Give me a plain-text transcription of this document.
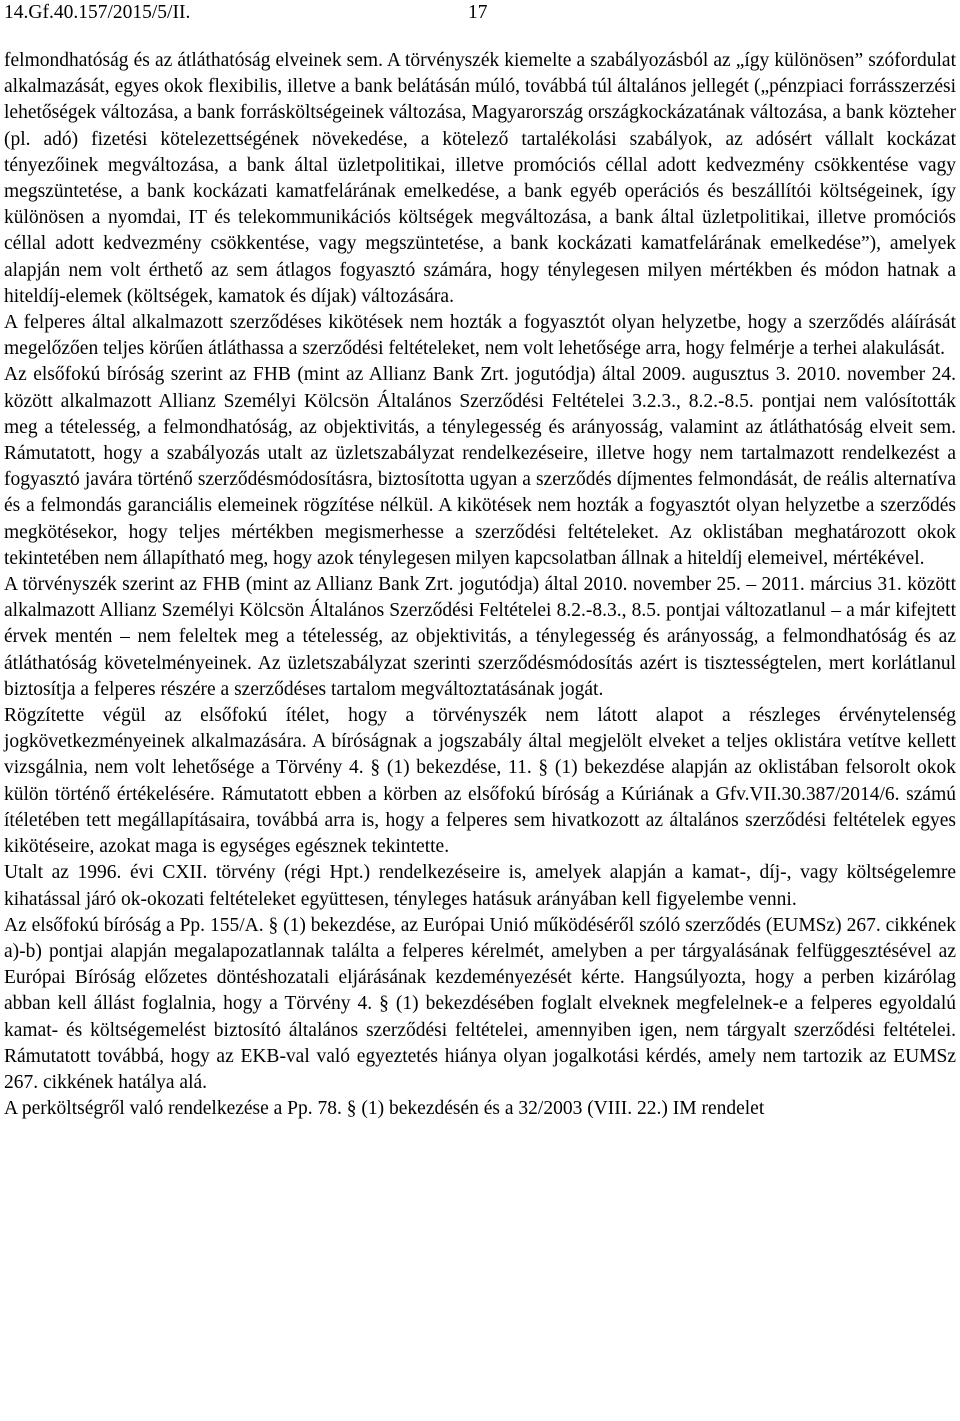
14.Gf.40.157/2015/5/II.	17

felmondhatóság és az átláthatóság elveinek sem. A törvényszék kiemelte a szabályozásból az „így különösen” szófordulat alkalmazását, egyes okok flexibilis, illetve a bank belátásán múló, továbbá túl általános jellegét („pénzpiaci forrásszerzési lehetőségek változása, a bank forrásköltségeinek változása, Magyarország országkockázatának változása, a bank közteher (pl. adó) fizetési kötelezettségének növekedése, a kötelező tartalékolási szabályok, az adósért vállalt kockázat tényezőinek megváltozása, a bank által üzletpolitikai, illetve promóciós céllal adott kedvezmény csökkentése vagy megszüntetése, a bank kockázati kamatfelárának emelkedése, a bank egyéb operációs és beszállítói költségeinek, így különösen a nyomdai, IT és telekommunikációs költségek megváltozása, a bank által üzletpolitikai, illetve promóciós céllal adott kedvezmény csökkentése, vagy megszüntetése, a bank kockázati kamatfelárának emelkedése”), amelyek alapján nem volt érthető az sem átlagos fogyasztó számára, hogy ténylegesen milyen mértékben és módon hatnak a hiteldíj-elemek (költségek, kamatok és díjak) változására.

A felperes által alkalmazott szerződéses kikötések nem hozták a fogyasztót olyan helyzetbe, hogy a szerződés aláírását megelőzően teljes körűen átláthassa a szerződési feltételeket, nem volt lehetősége arra, hogy felmérje a terhei alakulását.

Az elsőfokú bíróság szerint az FHB (mint az Allianz Bank Zrt. jogutódja) által 2009. augusztus 3. 2010. november 24. között alkalmazott Allianz Személyi Kölcsön Általános Szerződési Feltételei 3.2.3., 8.2.-8.5. pontjai nem valósították meg a tételesség, a felmondhatóság, az objektivitás, a ténylegesség és arányosság, valamint az átláthatóság elveit sem. Rámutatott, hogy a szabályozás utalt az üzletszabályzat rendelkezéseire, illetve hogy nem tartalmazott rendelkezést a fogyasztó javára történő szerződésmódosításra, biztosította ugyan a szerződés díjmentes felmondását, de reális alternatíva és a felmondás garanciális elemeinek rögzítése nélkül. A kikötések nem hozták a fogyasztót olyan helyzetbe a szerződés megkötésekor, hogy teljes mértékben megismerhesse a szerződési feltételeket. Az oklistában meghatározott okok tekintetében nem állapítható meg, hogy azok ténylegesen milyen kapcsolatban állnak a hiteldíj elemeivel, mértékével.

A törvényszék szerint az FHB (mint az Allianz Bank Zrt. jogutódja) által 2010. november 25. – 2011. március 31. között alkalmazott Allianz Személyi Kölcsön Általános Szerződési Feltételei 8.2.-8.3., 8.5. pontjai változatlanul – a már kifejtett érvek mentén – nem feleltek meg a tételesség, az objektivitás, a ténylegesség és arányosság, a felmondhatóság és az átláthatóság követelményeinek. Az üzletszabályzat szerinti szerződésmódosítás azért is tisztességtelen, mert korlátlanul biztosítja a felperes részére a szerződéses tartalom megváltoztatásának jogát.

Rögzítette végül az elsőfokú ítélet, hogy a törvényszék nem látott alapot a részleges érvénytelenség jogkövetkezményeinek alkalmazására. A bíróságnak a jogszabály által megjelölt elveket a teljes oklistára vetítve kellett vizsgálnia, nem volt lehetősége a Törvény 4. § (1) bekezdése, 11. § (1) bekezdése alapján az oklistában felsorolt okok külön történő értékelésére. Rámutatott ebben a körben az elsőfokú bíróság a Kúriának a Gfv.VII.30.387/2014/6. számú ítéletében tett megállapításaira, továbbá arra is, hogy a felperes sem hivatkozott az általános szerződési feltételek egyes kikötéseire, azokat maga is egységes egésznek tekintette.

Utalt az 1996. évi CXII. törvény (régi Hpt.) rendelkezéseire is, amelyek alapján a kamat-, díj-, vagy költségelemre kihatással járó ok-okozati feltételeket együttesen, tényleges hatásuk arányában kell figyelembe venni.

Az elsőfokú bíróság a Pp. 155/A. § (1) bekezdése, az Európai Unió működéséről szóló szerződés (EUMSz) 267. cikkének a)-b) pontjai alapján megalapozatlannak találta a felperes kérelmét, amelyben a per tárgyalásának felfüggesztésével az Európai Bíróság előzetes döntéshozatali eljárásának kezdeményezését kérte. Hangsúlyozta, hogy a perben kizárólag abban kell állást foglalnia, hogy a Törvény 4. § (1) bekezdésében foglalt elveknek megfelelnek-e a felperes egyoldalú kamat- és költségemelést biztosító általános szerződési feltételei, amennyiben igen, nem tárgyalt szerződési feltételei. Rámutatott továbbá, hogy az EKB-val való egyeztetés hiánya olyan jogalkotási kérdés, amely nem tartozik az EUMSz 267. cikkének hatálya alá.

A perköltségről való rendelkezése a Pp. 78. § (1) bekezdésén és a 32/2003 (VIII. 22.) IM rendelet
